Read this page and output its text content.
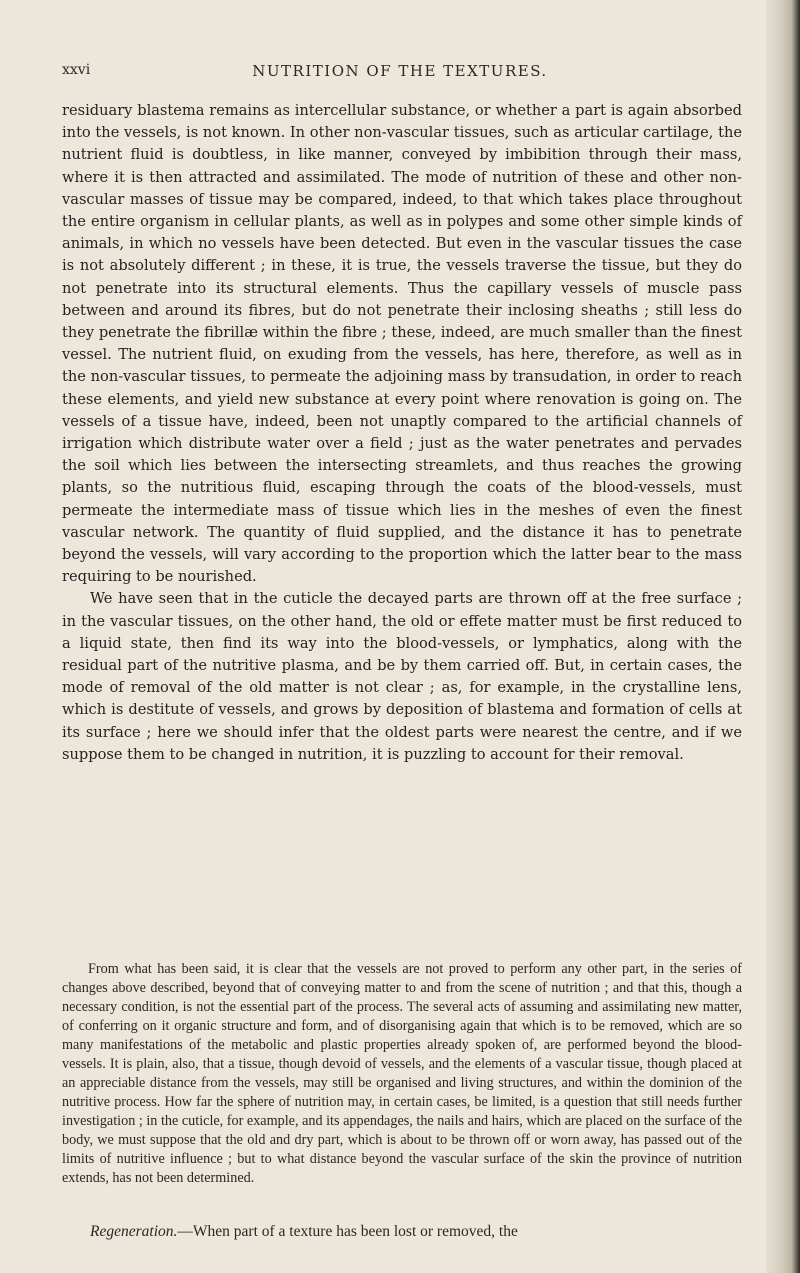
xxvi	NUTRITION OF THE TEXTURES.

residuary blastema remains as intercellular substance, or whether a part is again absorbed into the vessels, is not known. In other non-vascular tissues, such as articular cartilage, the nutrient fluid is doubtless, in like manner, conveyed by imbibition through their mass, where it is then attracted and assimilated. The mode of nutrition of these and other non-vascular masses of tissue may be compared, indeed, to that which takes place throughout the entire organism in cellular plants, as well as in polypes and some other simple kinds of animals, in which no vessels have been detected. But even in the vascular tissues the case is not absolutely different ; in these, it is true, the vessels traverse the tissue, but they do not penetrate into its structural elements. Thus the capillary vessels of muscle pass between and around its fibres, but do not penetrate their inclosing sheaths ; still less do they penetrate the fibrillæ within the fibre ; these, indeed, are much smaller than the finest vessel. The nutrient fluid, on exuding from the vessels, has here, therefore, as well as in the non-vascular tissues, to permeate the adjoining mass by transudation, in order to reach these elements, and yield new substance at every point where renovation is going on. The vessels of a tissue have, indeed, been not unaptly compared to the artificial channels of irrigation which distribute water over a field ; just as the water penetrates and pervades the soil which lies between the intersecting streamlets, and thus reaches the growing plants, so the nutritious fluid, escaping through the coats of the blood-vessels, must permeate the intermediate mass of tissue which lies in the meshes of even the finest vascular network. The quantity of fluid supplied, and the distance it has to penetrate beyond the vessels, will vary according to the proportion which the latter bear to the mass requiring to be nourished.

We have seen that in the cuticle the decayed parts are thrown off at the free surface ; in the vascular tissues, on the other hand, the old or effete matter must be first reduced to a liquid state, then find its way into the blood-vessels, or lymphatics, along with the residual part of the nutritive plasma, and be by them carried off. But, in certain cases, the mode of removal of the old matter is not clear ; as, for example, in the crystalline lens, which is destitute of vessels, and grows by deposition of blastema and formation of cells at its surface ; here we should infer that the oldest parts were nearest the centre, and if we suppose them to be changed in nutrition, it is puzzling to account for their removal.

From what has been said, it is clear that the vessels are not proved to perform any other part, in the series of changes above described, beyond that of conveying matter to and from the scene of nutrition ; and that this, though a necessary condition, is not the essential part of the process. The several acts of assuming and assimilating new matter, of conferring on it organic structure and form, and of disorganising again that which is to be removed, which are so many manifestations of the metabolic and plastic properties already spoken of, are performed beyond the blood-vessels. It is plain, also, that a tissue, though devoid of vessels, and the elements of a vascular tissue, though placed at an appreciable distance from the vessels, may still be organised and living structures, and within the dominion of the nutritive process. How far the sphere of nutrition may, in certain cases, be limited, is a question that still needs further investigation ; in the cuticle, for example, and its appendages, the nails and hairs, which are placed on the surface of the body, we must suppose that the old and dry part, which is about to be thrown off or worn away, has passed out of the limits of nutritive influence ; but to what distance beyond the vascular surface of the skin the province of nutrition extends, has not been determined.

Regeneration.—When part of a texture has been lost or removed, the
